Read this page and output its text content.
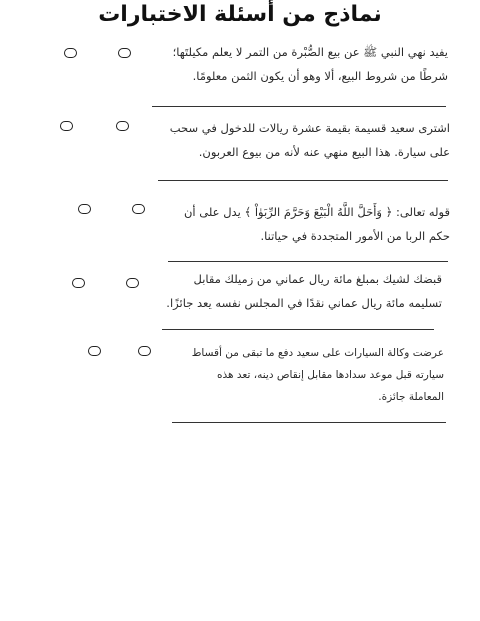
نماذج من أسئلة الاختبارات
يفيد نهي النبي ﷺ عن بيع الصُّبْرة من التمر لا يعلم مكيلتَها؛
شرطًا من شروط البيع، ألا وهو أن يكون الثمن معلومًا.
اشترى سعيد قسيمة بقيمة عشرة ريالات للدخول في سحب
على سيارة. هذا البيع منهي عنه لأنه من بيوع العربون.
قوله تعالى: ﴿ وَأَحَلَّ اللَّهُ الْبَيْعَ وَحَرَّمَ الرِّبَوٰاْ ﴾ يدل على أن
حكم الربا من الأمور المتجددة في حياتنا.
قبضك لشيك بمبلغ مائة ريال عماني من زميلك مقابل
تسليمه مائة ريال عماني نقدًا في المجلس نفسه يعد جائزًا.
عرضت وكالة السيارات على سعيد دفع ما تبقى من أقساط
سيارته قبل موعد سدادها مقابل إنقاص دينه، تعد هذه
المعاملة جائزة.
